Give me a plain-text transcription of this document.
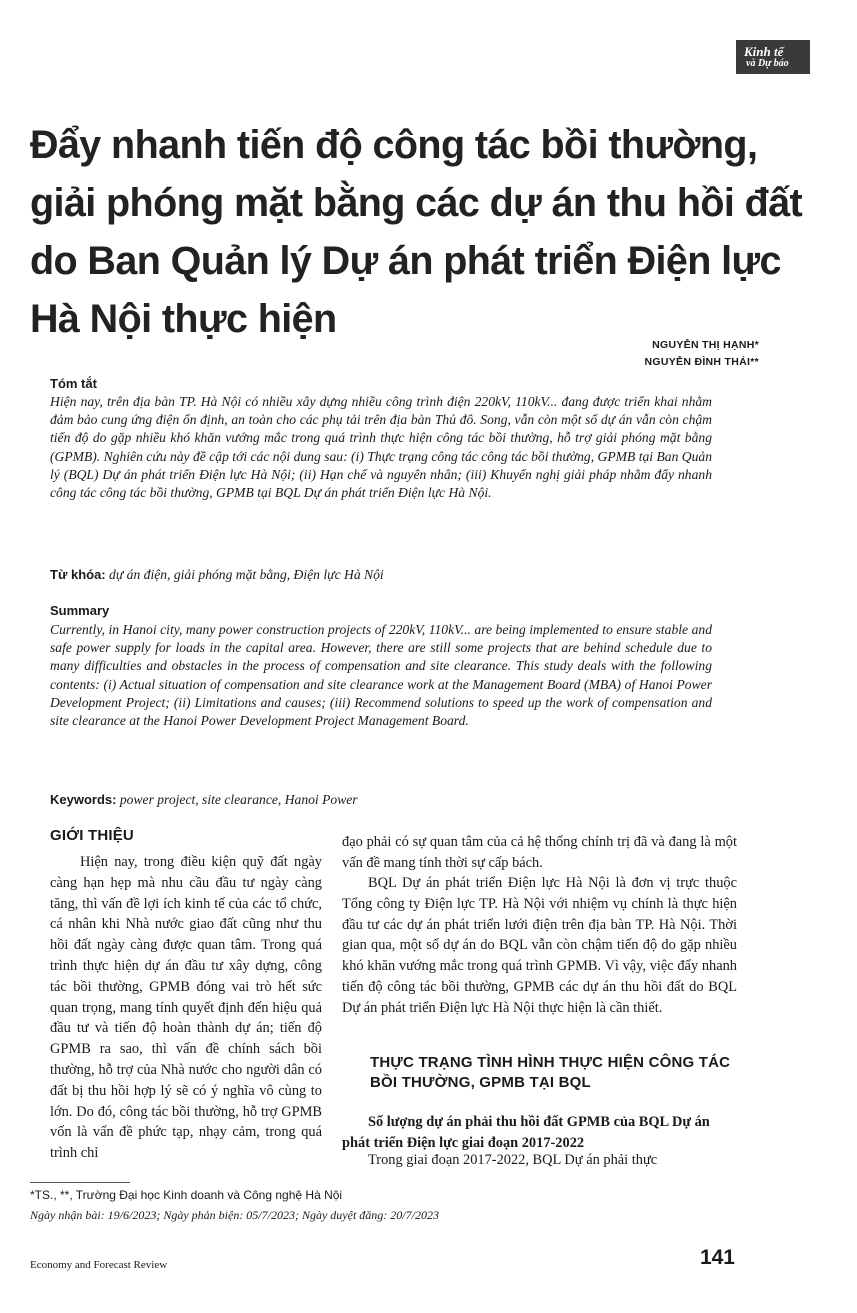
Kinh tế
và Dự báo
Đẩy nhanh tiến độ công tác bồi thường, giải phóng mặt bằng các dự án thu hồi đất do Ban Quản lý Dự án phát triển Điện lực Hà Nội thực hiện
NGUYỄN THỊ HẠNH*
NGUYỄN ĐÌNH THÁI**
Tóm tắt

Hiện nay, trên địa bàn TP. Hà Nội có nhiều xây dựng nhiều công trình điện 220kV, 110kV... đang được triển khai nhằm đảm bảo cung ứng điện ổn định, an toàn cho các phụ tải trên địa bàn Thủ đô. Song, vẫn còn một số dự án vẫn còn chậm tiến độ do gặp nhiều khó khăn vướng mắc trong quá trình thực hiện công tác bồi thường, hỗ trợ giải phóng mặt bằng (GPMB). Nghiên cứu này đề cập tới các nội dung sau: (i) Thực trạng công tác công tác bồi thường, GPMB tại Ban Quản lý (BQL) Dự án phát triển Điện lực Hà Nội; (ii) Hạn chế và nguyên nhân; (iii) Khuyến nghị giải pháp nhằm đẩy nhanh công tác công tác bồi thường, GPMB tại BQL Dự án phát triển Điện lực Hà Nội.

Từ khóa: dự án điện, giải phóng mặt bằng, Điện lực Hà Nội
Summary

Currently, in Hanoi city, many power construction projects of 220kV, 110kV... are being implemented to ensure stable and safe power supply for loads in the capital area. However, there are still some projects that are behind schedule due to many difficulties and obstacles in the process of compensation and site clearance. This study deals with the following contents: (i) Actual situation of compensation and site clearance work at the Management Board (MBA) of Hanoi Power Development Project; (ii) Limitations and causes; (iii) Recommend solutions to speed up the work of compensation and site clearance at the Hanoi Power Development Project Management Board.

Keywords: power project, site clearance, Hanoi Power
GIỚI THIỆU

Hiện nay, trong điều kiện quỹ đất ngày càng hạn hẹp mà nhu cầu đầu tư ngày càng tăng, thì vấn đề lợi ích kinh tế của các tổ chức, cá nhân khi Nhà nước giao đất cũng như thu hồi đất ngày càng được quan tâm. Trong quá trình thực hiện dự án đầu tư xây dựng, công tác bồi thường, GPMB đóng vai trò hết sức quan trọng, mang tính quyết định đến hiệu quả đầu tư và tiến độ hoàn thành dự án; tiến độ GPMB ra sao, thì vấn đề chính sách bồi thường, hỗ trợ của Nhà nước cho người dân có đất bị thu hồi hợp lý sẽ có ý nghĩa vô cùng to lớn. Do đó, công tác bồi thường, hỗ trợ GPMB vốn là vấn đề phức tạp, nhạy cảm, trong quá trình chỉ

đạo phải có sự quan tâm của cả hệ thống chính trị đã và đang là một vấn đề mang tính thời sự cấp bách.

BQL Dự án phát triển Điện lực Hà Nội là đơn vị trực thuộc Tổng công ty Điện lực TP. Hà Nội với nhiệm vụ chính là thực hiện đầu tư các dự án phát triển lưới điện trên địa bàn TP. Hà Nội. Thời gian qua, một số dự án do BQL vẫn còn chậm tiến độ do gặp nhiều khó khăn vướng mắc trong quá trình GPMB. Vì vậy, việc đẩy nhanh tiến độ công tác bồi thường, GPMB các dự án thu hồi đất do BQL Dự án phát triển Điện lực Hà Nội thực hiện là cần thiết.

THỰC TRẠNG TÌNH HÌNH THỰC HIỆN CÔNG TÁC BỒI THƯỜNG, GPMB TẠI BQL
Số lượng dự án phải thu hồi đất GPMB của BQL Dự án phát triển Điện lực giai đoạn 2017-2022

Trong giai đoạn 2017-2022, BQL Dự án phải thực

*TS., **, Trường Đại học Kinh doanh và Công nghệ Hà Nội
Ngày nhận bài: 19/6/2023; Ngày phản biện: 05/7/2023; Ngày duyệt đăng: 20/7/2023
Economy and Forecast Review	141
